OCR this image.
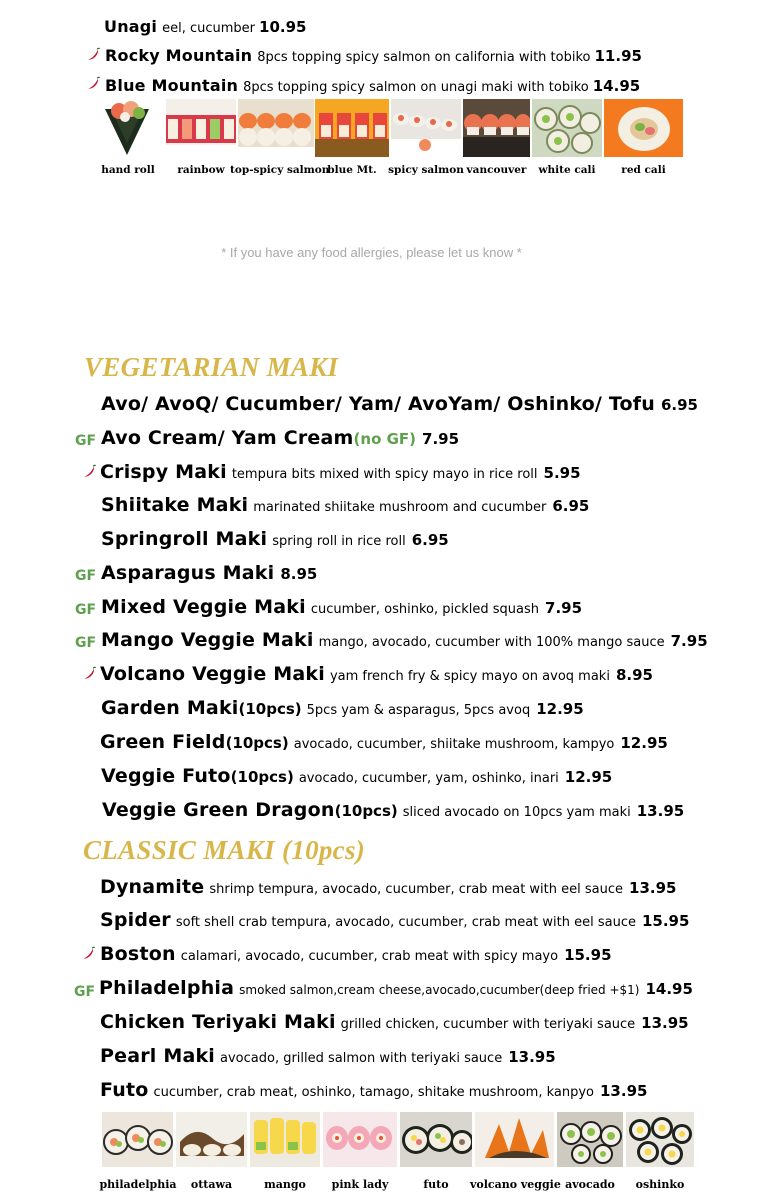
Unagi eel, cucumber 10.95
Rocky Mountain 8pcs topping spicy salmon on california with tobiko 11.95
Blue Mountain 8pcs topping spicy salmon on unagi maki with tobiko 14.95
hand roll	rainbow top-spicy salmon
blue Mt.	spicy salmon vancouver	white cali	red cali
* If you have any food allergies, please let us know *
VEGETARIAN MAKI
Avo/ AvoQ/ Cucumber/ Yam/ AvoYam/ Oshinko/ Tofu 6.95
GF Avo Cream/ Yam Cream(no GF) 7.95
Crispy Maki tempura bits mixed with spicy mayo in rice roll 5.95
Shiitake Maki marinated shiitake mushroom and cucumber 6.95
Springroll Maki spring roll in rice roll 6.95
GF Asparagus Maki 8.95
GF Mixed Veggie Maki cucumber, oshinko, pickled squash 7.95
GF Mango Veggie Maki mango, avocado, cucumber with 100% mango sauce 7.95
Volcano Veggie Maki yam french fry & spicy mayo on avoq maki 8.95
Garden Maki(10pcs) 5pcs yam & asparagus, 5pcs avoq 12.95
Green Field(10pcs) avocado, cucumber, shiitake mushroom, kampyo 12.95
Veggie Futo(10pcs) avocado, cucumber, yam, oshinko, inari 12.95
Veggie Green Dragon(10pcs) sliced avocado on 10pcs yam maki 13.95
CLASSIC MAKI (10pcs)
Dynamite shrimp tempura, avocado, cucumber, crab meat with eel sauce 13.95
Spider soft shell crab tempura, avocado, cucumber, crab meat with eel sauce 15.95
Boston calamari, avocado, cucumber, crab meat with spicy mayo 15.95
GF Philadelphia smoked salmon,cream cheese,avocado,cucumber(deep fried +$1) 14.95
Chicken Teriyaki Maki grilled chicken, cucumber with teriyaki sauce 13.95
Pearl Maki avocado, grilled salmon with teriyaki sauce 13.95
Futo cucumber, crab meat, oshinko, tamago, shitake mushroom, kanpyo 13.95
philadelphia	ottawa	mango	pink lady	futo	volcano veggie avocado	oshinko
